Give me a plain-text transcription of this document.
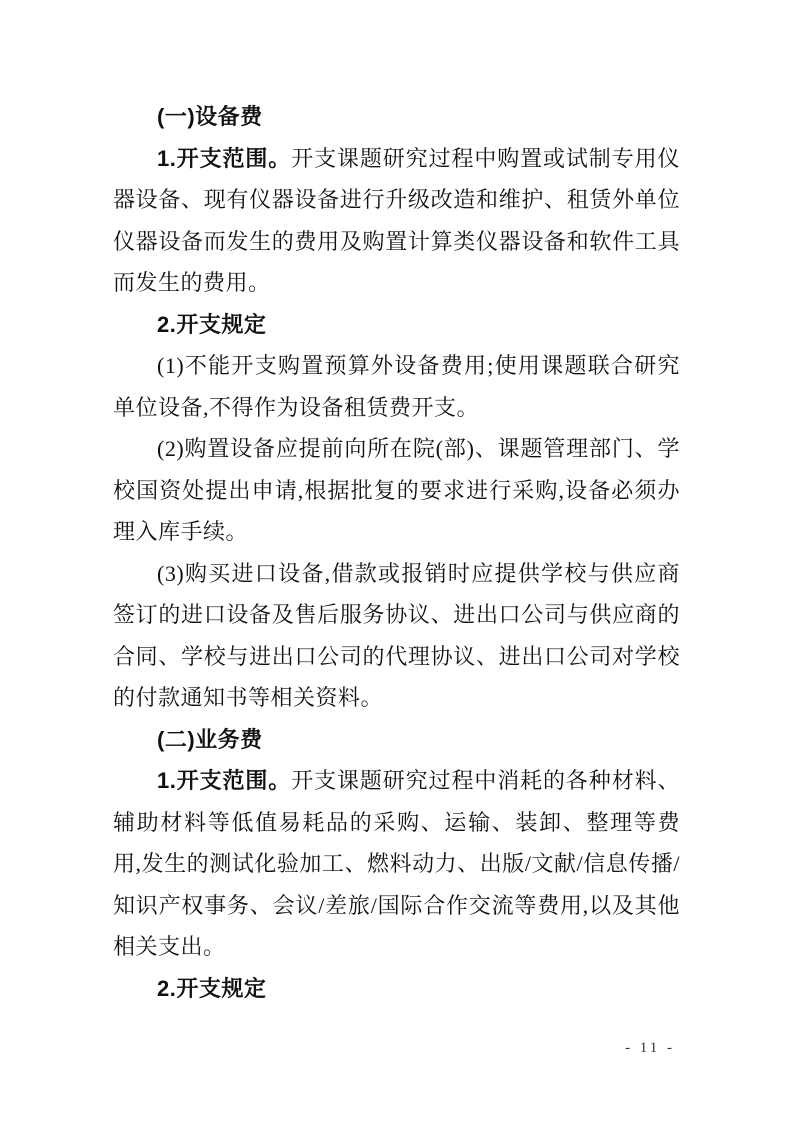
(一)设备费

1.开支范围。开支课题研究过程中购置或试制专用仪器设备、现有仪器设备进行升级改造和维护、租赁外单位仪器设备而发生的费用及购置计算类仪器设备和软件工具而发生的费用。

2.开支规定

(1)不能开支购置预算外设备费用;使用课题联合研究单位设备,不得作为设备租赁费开支。

(2)购置设备应提前向所在院(部)、课题管理部门、学校国资处提出申请,根据批复的要求进行采购,设备必须办理入库手续。

(3)购买进口设备,借款或报销时应提供学校与供应商签订的进口设备及售后服务协议、进出口公司与供应商的合同、学校与进出口公司的代理协议、进出口公司对学校的付款通知书等相关资料。

(二)业务费

1.开支范围。开支课题研究过程中消耗的各种材料、辅助材料等低值易耗品的采购、运输、装卸、整理等费用,发生的测试化验加工、燃料动力、出版/文献/信息传播/知识产权事务、会议/差旅/国际合作交流等费用,以及其他相关支出。

2.开支规定

- 11 -
